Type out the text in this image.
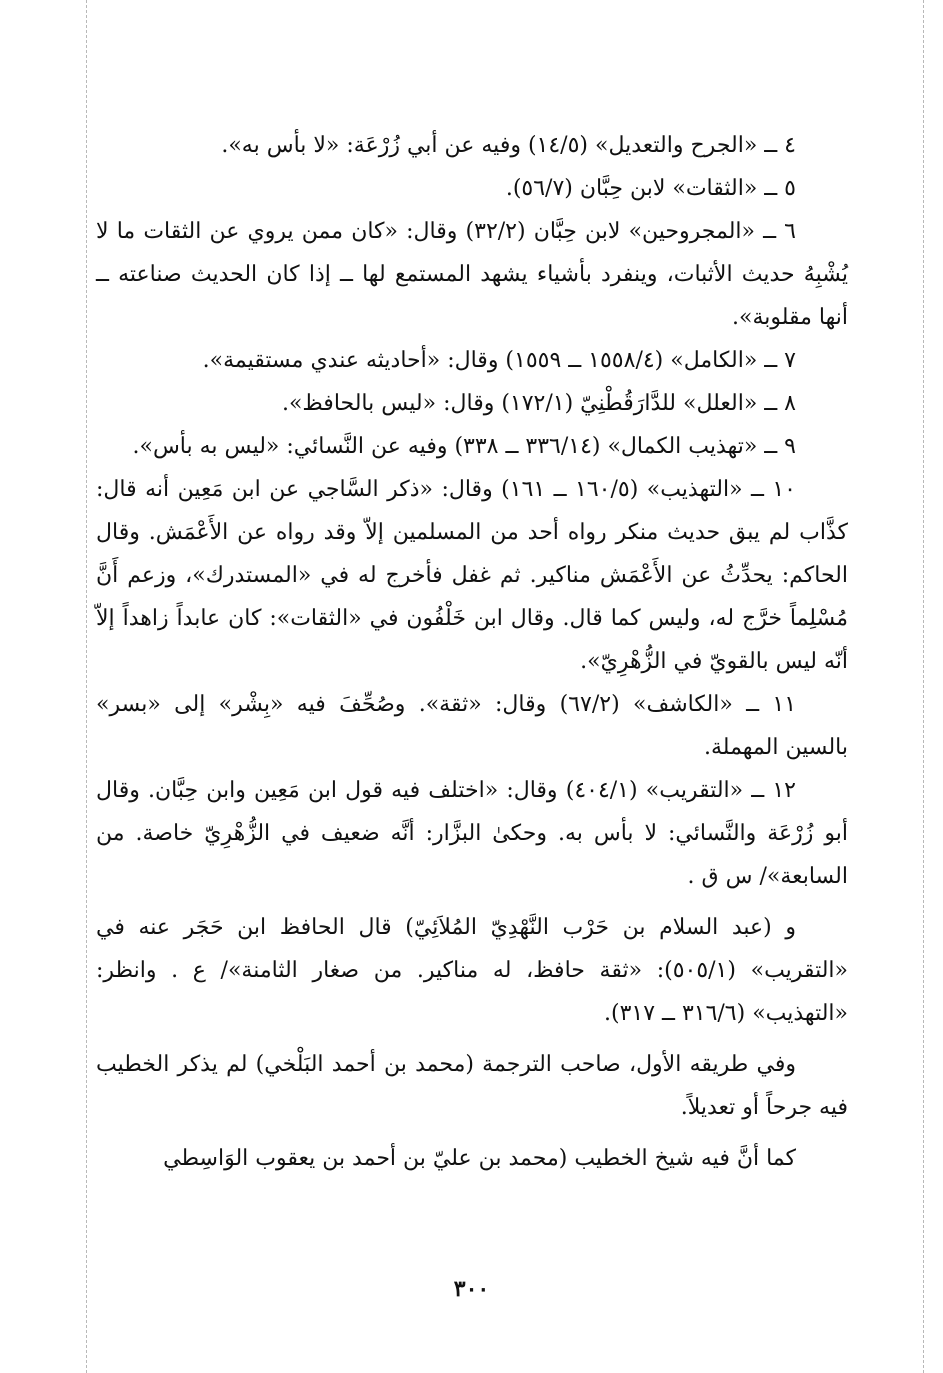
٤ ــ «الجرح والتعديل» (١٤/٥) وفيه عن أبي زُرْعَة: «لا بأس به».

٥ ــ «الثقات» لابن حِبَّان (٥٦/٧).

٦ ــ «المجروحين» لابن حِبَّان (٣٢/٢) وقال: «كان ممن يروي عن الثقات ما لا يُشْبِهُ حديث الأثبات، وينفرد بأشياء يشهد المستمع لها ــ إذا كان الحديث صناعته ــ أنها مقلوبة».

٧ ــ «الكامل» (١٥٥٨/٤ ــ ١٥٥٩) وقال: «أحاديثه عندي مستقيمة».

٨ ــ «العلل» للدَّارَقُطْنِيّ (١٧٢/١) وقال: «ليس بالحافظ».

٩ ــ «تهذيب الكمال» (٣٣٦/١٤ ــ ٣٣٨) وفيه عن النَّسائي: «ليس به بأس».

١٠ ــ «التهذيب» (١٦٠/٥ ــ ١٦١) وقال: «ذكر السَّاجي عن ابن مَعِين أنه قال: كذَّاب لم يبق حديث منكر رواه أحد من المسلمين إلاّ وقد رواه عن الأَعْمَش. وقال الحاكم: يحدِّثُ عن الأَعْمَش مناكير. ثم غفل فأخرج له في «المستدرك»، وزعم أَنَّ مُسْلِماً خرَّج له، وليس كما قال. وقال ابن خَلْفُون في «الثقات»: كان عابداً زاهداً إلاّ أنّه ليس بالقويّ في الزُّهْرِيّ».

١١ ــ «الكاشف» (٦٧/٢) وقال: «ثقة». وصُحِّفَ فيه «بِشْر» إلى «بسر» بالسين المهملة.

١٢ ــ «التقريب» (٤٠٤/١) وقال: «اختلف فيه قول ابن مَعِين وابن حِبَّان. وقال أبو زُرْعَة والنَّسائي: لا بأس به. وحكىٰ البزَّار: أنَّه ضعيف في الزُّهْرِيّ خاصة. من السابعة»/ س ق .

و (عبد السلام بن حَرْب النَّهْدِيّ المُلاَئِيّ) قال الحافظ ابن حَجَر عنه في «التقريب» (٥٠٥/١): «ثقة حافظ، له مناكير. من صغار الثامنة»/ ع . وانظر: «التهذيب» (٣١٦/٦ ــ ٣١٧).

وفي طريقه الأول، صاحب الترجمة (محمد بن أحمد البَلْخي) لم يذكر الخطيب فيه جرحاً أو تعديلاً.

كما أنَّ فيه شيخ الخطيب (محمد بن عليّ بن أحمد بن يعقوب الوَاسِطي

٣٠٠
